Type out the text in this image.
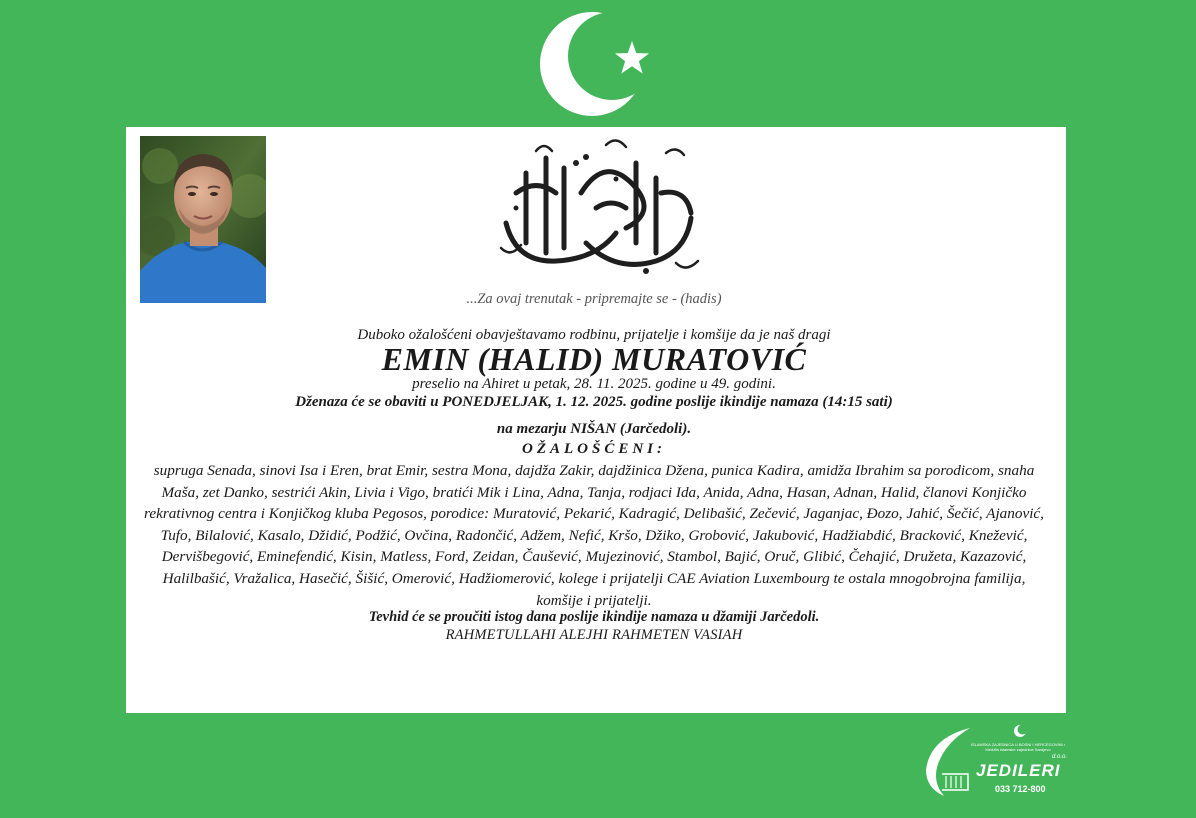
...Za ovaj trenutak - pripremajte se - (hadis)
Duboko ožalošćeni obavještavamo rodbinu, prijatelje i komšije da je naš dragi
EMIN (HALID) MURATOVIĆ
preselio na Ahiret u petak, 28. 11. 2025. godine u 49. godini.
Dženaza će se obaviti u PONEDJELJAK, 1. 12. 2025. godine poslije ikindije namaza (14:15 sati)
na mezarju NIŠAN (Jarčedoli).
OŽALOŠĆENI:
supruga Senada, sinovi Isa i Eren, brat Emir, sestra Mona, dajdža Zakir, dajdžinica Džena, punica Kadira, amidža Ibrahim sa porodicom, snaha Maša, zet Danko, sestrići Akin, Livia i Vigo, bratići Mik i Lina, Adna, Tanja, rodjaci Ida, Anida, Adna, Hasan, Adnan, Halid, članovi Konjičko rekrativnog centra i Konjičkog kluba Pegosos, porodice: Muratović, Pekarić, Kadragić, Delibašić, Zečević, Jaganjac, Đozo, Jahić, Šečić, Ajanović, Tufo, Bilalović, Kasalo, Džidić, Podžić, Ovčina, Radončić, Adžem, Nefić, Kršo, Džiko, Grobović, Jakubović, Hadžiabdić, Bracković, Knežević, Dervišbegović, Eminefendić, Kisin, Matless, Ford, Zeidan, Čaušević, Mujezinović, Stambol, Bajić, Oruč, Glibić, Čehajić, Družeta, Kazazović, Halilbašić, Vražalica, Hasečić, Šišić, Omerović, Hadžiomerović, kolege i prijatelji CAE Aviation Luxembourg te ostala mnogobrojna familija, komšije i prijatelji.
Tevhid će se proučiti istog dana poslije ikindije namaza u džamiji Jarčedoli.
RAHMETULLAHI ALEJHI RAHMETEN VASIAH
ISLAMSKA ZAJEDNICA U BOSNI I HERCEGOVINI • Medžlis islamske zajednice Sarajevo
d.o.o.
JEDILERI
033 712-800
